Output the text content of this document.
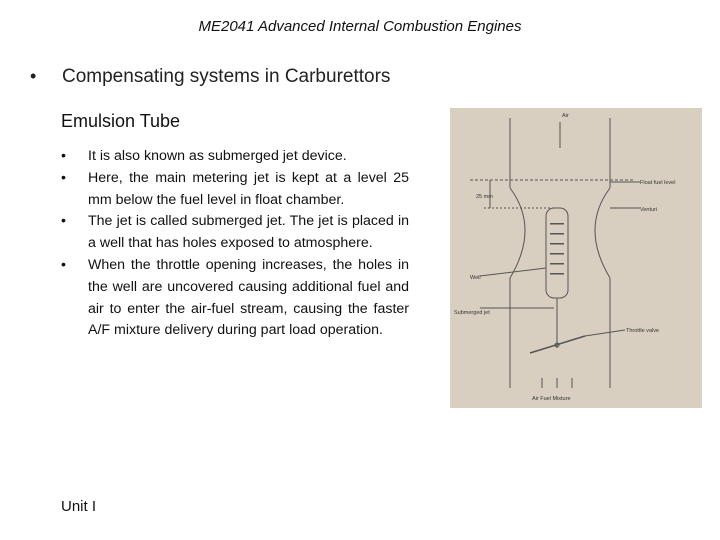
ME2041 Advanced Internal Combustion Engines
•	Compensating systems in Carburettors
Emulsion Tube
•	It is also known as submerged jet device.
•	Here, the main metering jet is kept at a level 25 mm below the fuel level in float chamber.
•	The jet is called submerged jet. The jet is placed in a well that has holes exposed to atmosphere.
•	When the throttle opening increases, the holes in the well are uncovered causing additional fuel and air to enter the air-fuel stream, causing the faster A/F mixture delivery during part load operation.
Unit I
Air
Float fuel level
25 mm
Venturi
Well
Submerged jet
Throttle valve
Air Fuel Mixture
